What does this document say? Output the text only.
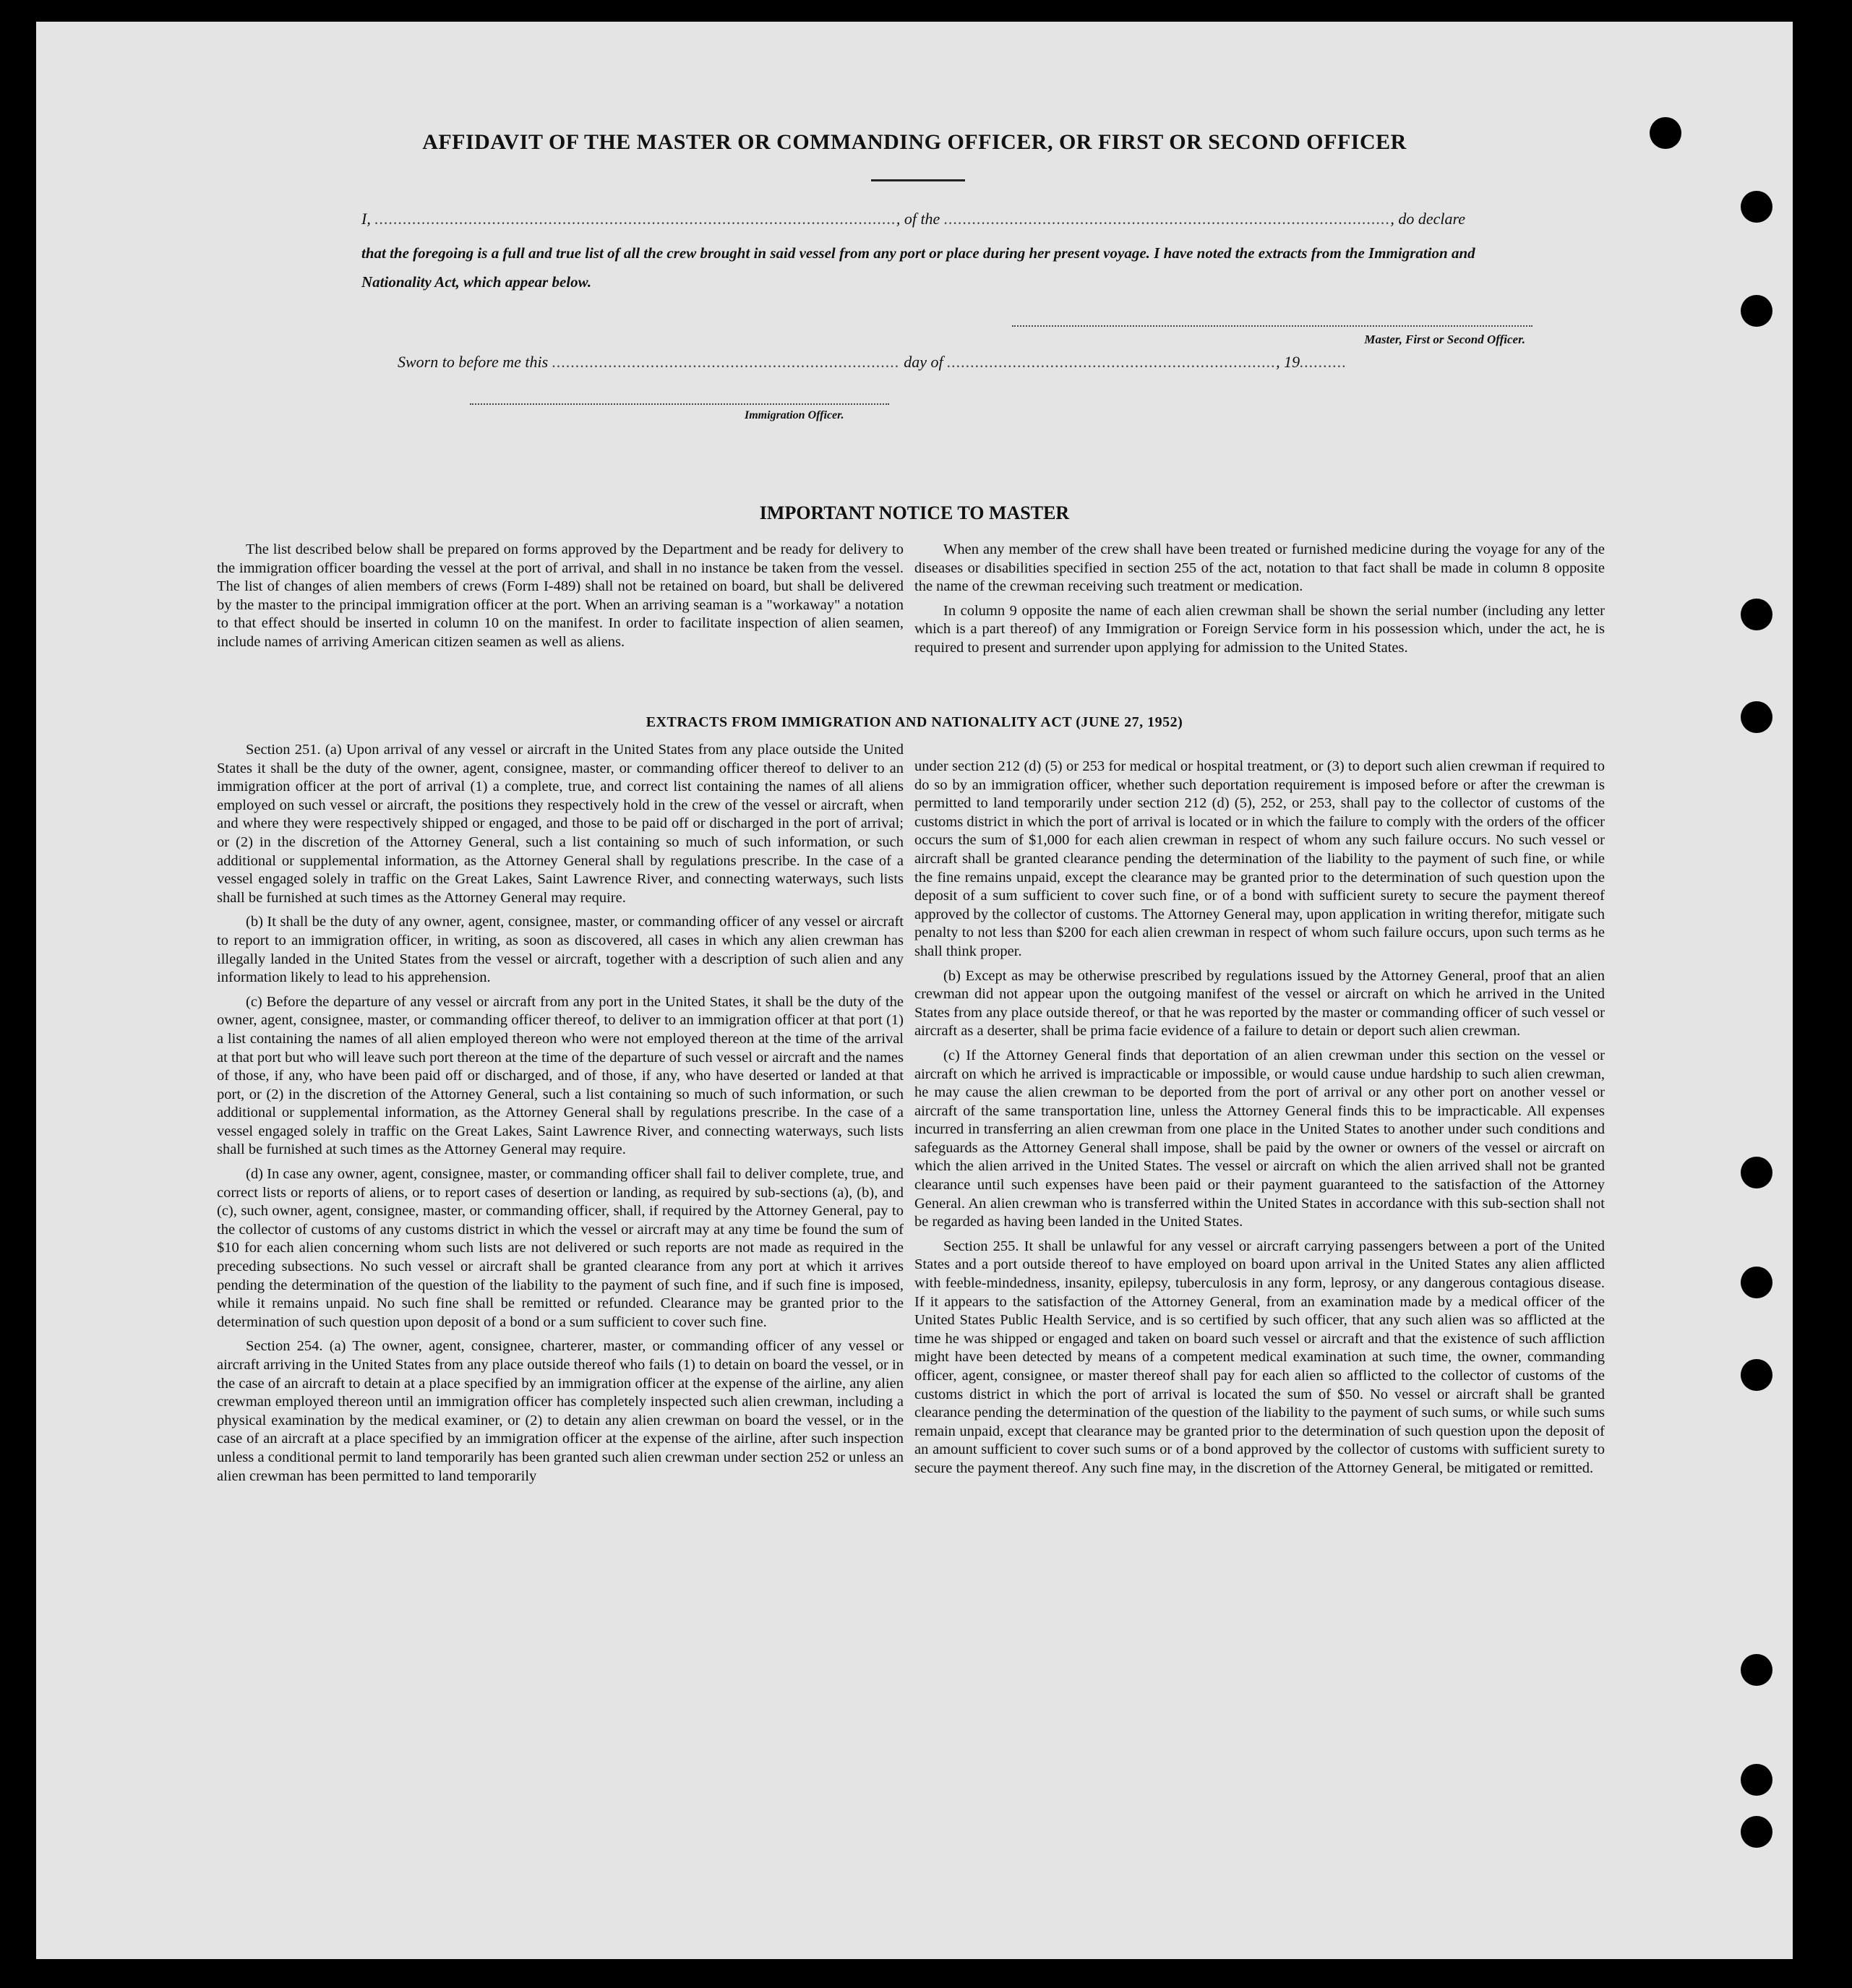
AFFIDAVIT OF THE MASTER OR COMMANDING OFFICER, OR FIRST OR SECOND OFFICER
I, ..............................................................................................................., of the ..............................................................................................., do declare
that the foregoing is a full and true list of all the crew brought in said vessel from any port or place during her present voyage. I have noted the extracts from the Immigration and Nationality Act, which appear below.
Master, First or Second Officer.
Sworn to before me this .......................................................................... day of ......................................................................, 19..........
Immigration Officer.
IMPORTANT NOTICE TO MASTER

The list described below shall be prepared on forms approved by the Department and be ready for delivery to the immigration officer boarding the vessel at the port of arrival, and shall in no instance be taken from the vessel. The list of changes of alien members of crews (Form I-489) shall not be retained on board, but shall be delivered by the master to the principal immigration officer at the port. When an arriving seaman is a "workaway" a notation to that effect should be inserted in column 10 on the manifest. In order to facilitate inspection of alien seamen, include names of arriving American citizen seamen as well as aliens.

When any member of the crew shall have been treated or furnished medicine during the voyage for any of the diseases or disabilities specified in section 255 of the act, notation to that fact shall be made in column 8 opposite the name of the crewman receiving such treatment or medication.

In column 9 opposite the name of each alien crewman shall be shown the serial number (including any letter which is a part thereof) of any Immigration or Foreign Service form in his possession which, under the act, he is required to present and surrender upon applying for admission to the United States.

EXTRACTS FROM IMMIGRATION AND NATIONALITY ACT (JUNE 27, 1952)

Section 251. (a) Upon arrival of any vessel or aircraft in the United States from any place outside the United States it shall be the duty of the owner, agent, consignee, master, or commanding officer thereof to deliver to an immigration officer at the port of arrival (1) a complete, true, and correct list containing the names of all aliens employed on such vessel or aircraft, the positions they respectively hold in the crew of the vessel or aircraft, when and where they were respectively shipped or engaged, and those to be paid off or discharged in the port of arrival; or (2) in the discretion of the Attorney General, such a list containing so much of such information, or such additional or supplemental information, as the Attorney General shall by regulations prescribe. In the case of a vessel engaged solely in traffic on the Great Lakes, Saint Lawrence River, and connecting waterways, such lists shall be furnished at such times as the Attorney General may require.

(b) It shall be the duty of any owner, agent, consignee, master, or commanding officer of any vessel or aircraft to report to an immigration officer, in writing, as soon as discovered, all cases in which any alien crewman has illegally landed in the United States from the vessel or aircraft, together with a description of such alien and any information likely to lead to his apprehension.

(c) Before the departure of any vessel or aircraft from any port in the United States, it shall be the duty of the owner, agent, consignee, master, or commanding officer thereof, to deliver to an immigration officer at that port (1) a list containing the names of all alien employed thereon who were not employed thereon at the time of the arrival at that port but who will leave such port thereon at the time of the departure of such vessel or aircraft and the names of those, if any, who have been paid off or discharged, and of those, if any, who have deserted or landed at that port, or (2) in the discretion of the Attorney General, such a list containing so much of such information, or such additional or supplemental information, as the Attorney General shall by regulations prescribe. In the case of a vessel engaged solely in traffic on the Great Lakes, Saint Lawrence River, and connecting waterways, such lists shall be furnished at such times as the Attorney General may require.

(d) In case any owner, agent, consignee, master, or commanding officer shall fail to deliver complete, true, and correct lists or reports of aliens, or to report cases of desertion or landing, as required by sub-sections (a), (b), and (c), such owner, agent, consignee, master, or commanding officer, shall, if required by the Attorney General, pay to the collector of customs of any customs district in which the vessel or aircraft may at any time be found the sum of $10 for each alien concerning whom such lists are not delivered or such reports are not made as required in the preceding subsections. No such vessel or aircraft shall be granted clearance from any port at which it arrives pending the determination of the question of the liability to the payment of such fine, and if such fine is imposed, while it remains unpaid. No such fine shall be remitted or refunded. Clearance may be granted prior to the determination of such question upon deposit of a bond or a sum sufficient to cover such fine.

Section 254. (a) The owner, agent, consignee, charterer, master, or commanding officer of any vessel or aircraft arriving in the United States from any place outside thereof who fails (1) to detain on board the vessel, or in the case of an aircraft to detain at a place specified by an immigration officer at the expense of the airline, any alien crewman employed thereon until an immigration officer has completely inspected such alien crewman, including a physical examination by the medical examiner, or (2) to detain any alien crewman on board the vessel, or in the case of an aircraft at a place specified by an immigration officer at the expense of the airline, after such inspection unless a conditional permit to land temporarily has been granted such alien crewman under section 252 or unless an alien crewman has been permitted to land temporarily

under section 212 (d) (5) or 253 for medical or hospital treatment, or (3) to deport such alien crewman if required to do so by an immigration officer, whether such deportation requirement is imposed before or after the crewman is permitted to land temporarily under section 212 (d) (5), 252, or 253, shall pay to the collector of customs of the customs district in which the port of arrival is located or in which the failure to comply with the orders of the officer occurs the sum of $1,000 for each alien crewman in respect of whom any such failure occurs. No such vessel or aircraft shall be granted clearance pending the determination of the liability to the payment of such fine, or while the fine remains unpaid, except the clearance may be granted prior to the determination of such question upon the deposit of a sum sufficient to cover such fine, or of a bond with sufficient surety to secure the payment thereof approved by the collector of customs. The Attorney General may, upon application in writing therefor, mitigate such penalty to not less than $200 for each alien crewman in respect of whom such failure occurs, upon such terms as he shall think proper.

(b) Except as may be otherwise prescribed by regulations issued by the Attorney General, proof that an alien crewman did not appear upon the outgoing manifest of the vessel or aircraft on which he arrived in the United States from any place outside thereof, or that he was reported by the master or commanding officer of such vessel or aircraft as a deserter, shall be prima facie evidence of a failure to detain or deport such alien crewman.

(c) If the Attorney General finds that deportation of an alien crewman under this section on the vessel or aircraft on which he arrived is impracticable or impossible, or would cause undue hardship to such alien crewman, he may cause the alien crewman to be deported from the port of arrival or any other port on another vessel or aircraft of the same transportation line, unless the Attorney General finds this to be impracticable. All expenses incurred in transferring an alien crewman from one place in the United States to another under such conditions and safeguards as the Attorney General shall impose, shall be paid by the owner or owners of the vessel or aircraft on which the alien arrived in the United States. The vessel or aircraft on which the alien arrived shall not be granted clearance until such expenses have been paid or their payment guaranteed to the satisfaction of the Attorney General. An alien crewman who is transferred within the United States in accordance with this sub-section shall not be regarded as having been landed in the United States.

Section 255. It shall be unlawful for any vessel or aircraft carrying passengers between a port of the United States and a port outside thereof to have employed on board upon arrival in the United States any alien afflicted with feeble-mindedness, insanity, epilepsy, tuberculosis in any form, leprosy, or any dangerous contagious disease. If it appears to the satisfaction of the Attorney General, from an examination made by a medical officer of the United States Public Health Service, and is so certified by such officer, that any such alien was so afflicted at the time he was shipped or engaged and taken on board such vessel or aircraft and that the existence of such affliction might have been detected by means of a competent medical examination at such time, the owner, commanding officer, agent, consignee, or master thereof shall pay for each alien so afflicted to the collector of customs of the customs district in which the port of arrival is located the sum of $50. No vessel or aircraft shall be granted clearance pending the determination of the question of the liability to the payment of such sums, or while such sums remain unpaid, except that clearance may be granted prior to the determination of such question upon the deposit of an amount sufficient to cover such sums or of a bond approved by the collector of customs with sufficient surety to secure the payment thereof. Any such fine may, in the discretion of the Attorney General, be mitigated or remitted.
